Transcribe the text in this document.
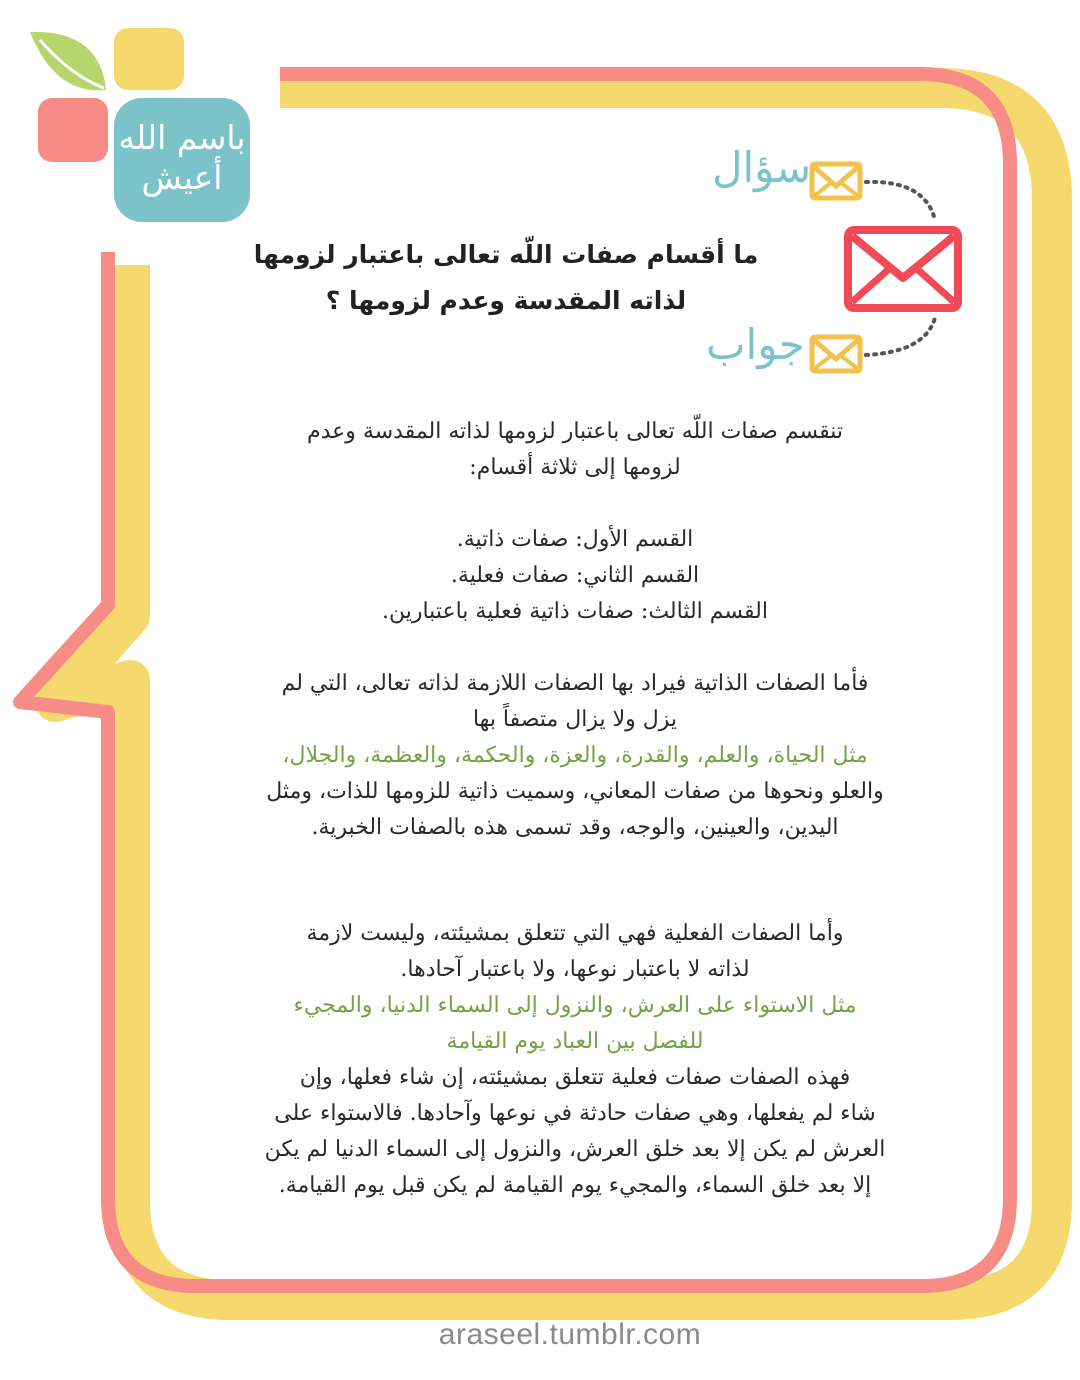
باسم الله
أعيش	سؤال
جواب
ما أقسام صفات اللّه تعالى باعتبار لزومها
لذاته المقدسة وعدم لزومها ؟
تنقسم صفات اللّه تعالى باعتبار لزومها لذاته المقدسة وعدم
لزومها إلى ثلاثة أقسام:
القسم الأول: صفات ذاتية.
القسم الثاني: صفات فعلية.
القسم الثالث: صفات ذاتية فعلية باعتبارين.
فأما الصفات الذاتية فيراد بها الصفات اللازمة لذاته تعالى، التي لم
يزل ولا يزال متصفاً بها
مثل الحياة، والعلم، والقدرة، والعزة، والحكمة، والعظمة، والجلال،
والعلو ونحوها من صفات المعاني، وسميت ذاتية للزومها للذات، ومثل
اليدين، والعينين، والوجه، وقد تسمى هذه بالصفات الخبرية.
وأما الصفات الفعلية فهي التي تتعلق بمشيئته، وليست لازمة
لذاته لا باعتبار نوعها، ولا باعتبار آحادها.
مثل الاستواء على العرش، والنزول إلى السماء الدنيا، والمجيء
للفصل بين العباد يوم القيامة
فهذه الصفات صفات فعلية تتعلق بمشيئته، إن شاء فعلها، وإن
شاء لم يفعلها، وهي صفات حادثة في نوعها وآحادها. فالاستواء على
العرش لم يكن إلا بعد خلق العرش، والنزول إلى السماء الدنيا لم يكن
إلا بعد خلق السماء، والمجيء يوم القيامة لم يكن قبل يوم القيامة.
araseel.tumblr.com
